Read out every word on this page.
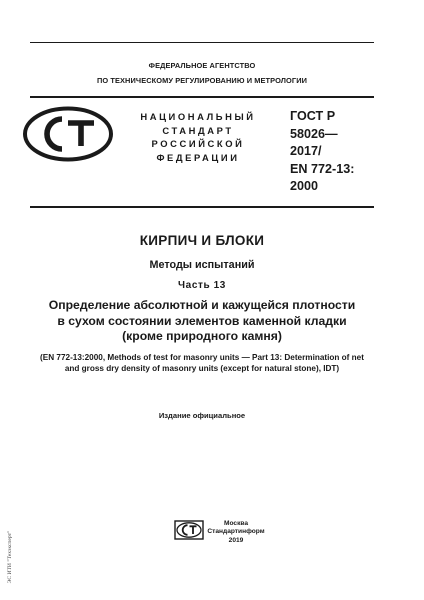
ФЕДЕРАЛЬНОЕ АГЕНТСТВО
ПО ТЕХНИЧЕСКОМУ РЕГУЛИРОВАНИЮ И МЕТРОЛОГИИ
НАЦИОНАЛЬНЫЙ
СТАНДАРТ
РОССИЙСКОЙ
ФЕДЕРАЦИИ
ГОСТ Р
58026—
2017/
EN 772-13:
2000
КИРПИЧ И БЛОКИ
Методы испытаний
Часть 13
Определение абсолютной и кажущейся плотности
в сухом состоянии элементов каменной кладки
(кроме природного камня)
(EN 772-13:2000, Methods of test for masonry units — Part 13: Determination of net
and gross dry density of masonry units (except for natural stone), IDT)
Издание официальное
Москва
Стандартинформ
2019
ЭС ИТИ "Техэксперт"
